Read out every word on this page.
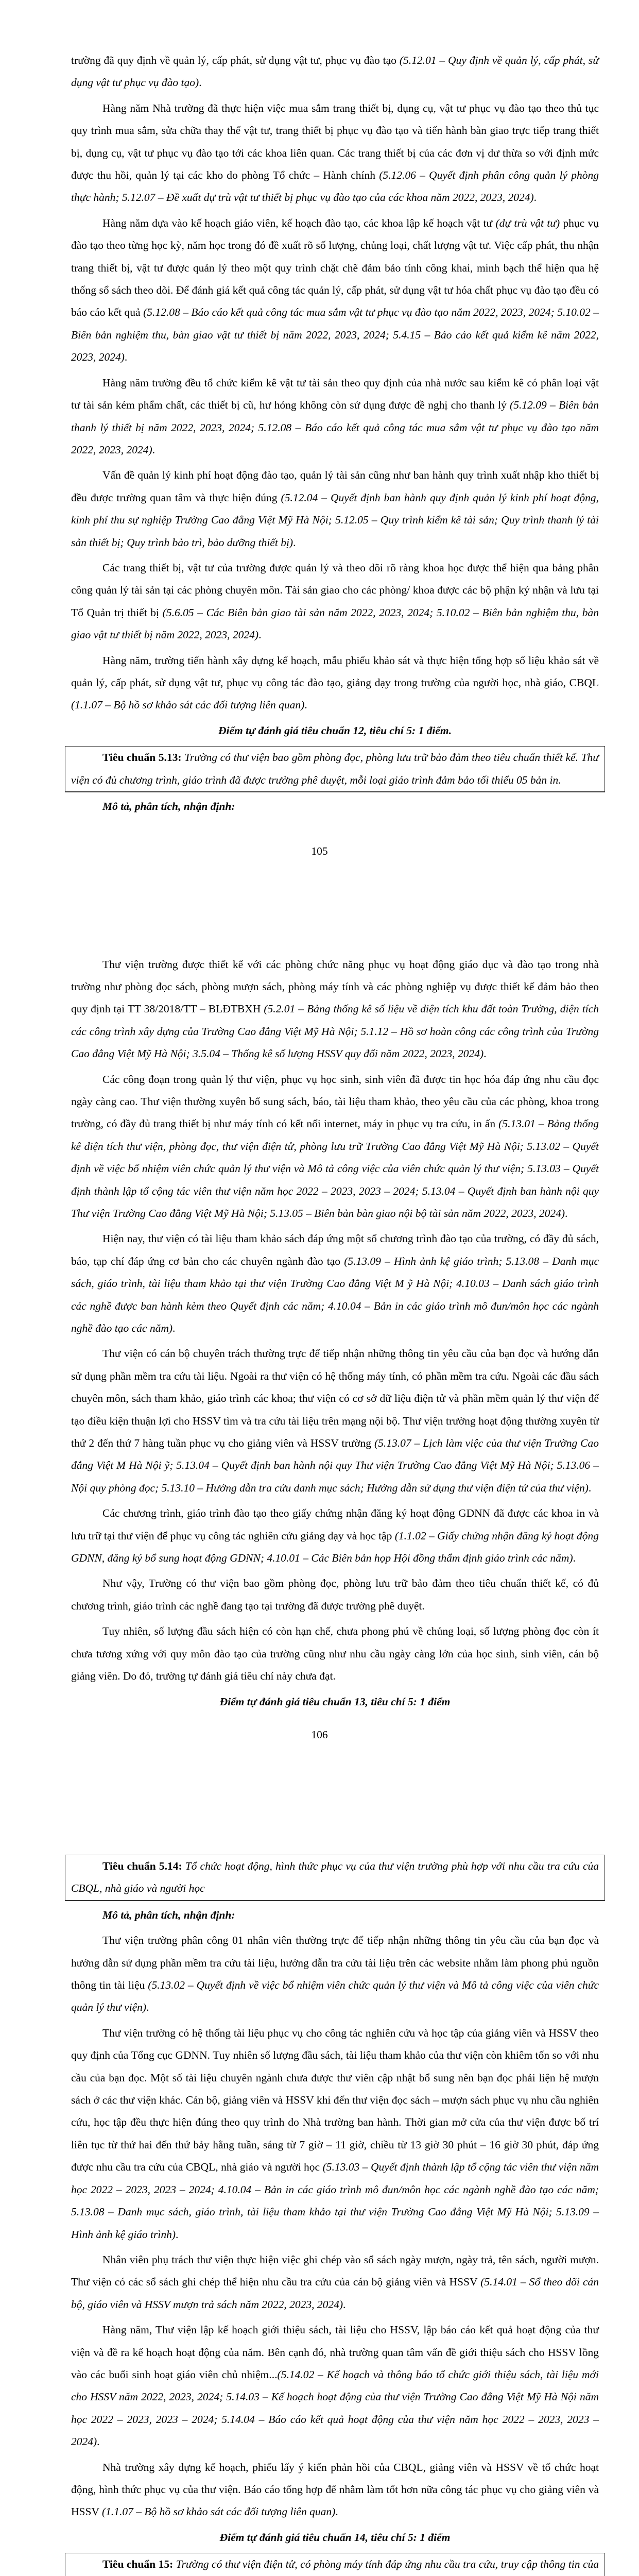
trường đã quy định về quản lý, cấp phát, sử dụng vật tư, phục vụ đào tạo (5.12.01 – Quy định về quản lý, cấp phát, sử dụng vật tư phục vụ đào tạo).

Hàng năm Nhà trường đã thực hiện việc mua sắm trang thiết bị, dụng cụ, vật tư phục vụ đào tạo theo thủ tục quy trình mua sắm, sửa chữa thay thế vật tư, trang thiết bị phục vụ đào tạo và tiến hành bàn giao trực tiếp trang thiết bị, dụng cụ, vật tư phục vụ đào tạo tới các khoa liên quan. Các trang thiết bị của các đơn vị dư thừa so với định mức được thu hồi, quản lý tại các kho do phòng Tổ chức – Hành chính (5.12.06 – Quyết định phân công quản lý phòng thực hành; 5.12.07 – Đề xuất dự trù vật tư thiết bị phục vụ đào tạo của các khoa năm 2022, 2023, 2024).

Hàng năm dựa vào kế hoạch giáo viên, kế hoạch đào tạo, các khoa lập kế hoạch vật tư (dự trù vật tư) phục vụ đào tạo theo từng học kỳ, năm học trong đó đề xuất rõ số lượng, chủng loại, chất lượng vật tư. Việc cấp phát, thu nhận trang thiết bị, vật tư được quản lý theo một quy trình chặt chẽ đảm bảo tính công khai, minh bạch thể hiện qua hệ thống sổ sách theo dõi. Để đánh giá kết quả công tác quản lý, cấp phát, sử dụng vật tư hóa chất phục vụ đào tạo đều có báo cáo kết quả (5.12.08 – Báo cáo kết quả công tác mua sắm vật tư phục vụ đào tạo năm 2022, 2023, 2024; 5.10.02 – Biên bản nghiệm thu, bàn giao vật tư thiết bị năm 2022, 2023, 2024; 5.4.15 – Báo cáo kết quả kiểm kê năm 2022, 2023, 2024).

Hàng năm trường đều tổ chức kiểm kê vật tư tài sản theo quy định của nhà nước sau kiểm kê có phân loại vật tư tài sản kém phẩm chất, các thiết bị cũ, hư hỏng không còn sử dụng được đề nghị cho thanh lý (5.12.09 – Biên bản thanh lý thiết bị năm 2022, 2023, 2024; 5.12.08 – Báo cáo kết quả công tác mua sắm vật tư phục vụ đào tạo năm 2022, 2023, 2024).

Vấn đề quản lý kinh phí hoạt động đào tạo, quản lý tài sản cũng như ban hành quy trình xuất nhập kho thiết bị đều được trường quan tâm và thực hiện đúng (5.12.04 – Quyết định ban hành quy định quản lý kinh phí hoạt động, kinh phí thu sự nghiệp Trường Cao đẳng Việt Mỹ Hà Nội; 5.12.05 – Quy trình kiểm kê tài sản; Quy trình thanh lý tài sản thiết bị; Quy trình bảo trì, bảo dưỡng thiết bị).

Các trang thiết bị, vật tư của trường được quản lý và theo dõi rõ ràng khoa học được thể hiện qua bảng phân công quản lý tài sản tại các phòng chuyên môn. Tài sản giao cho các phòng/ khoa được các bộ phận ký nhận và lưu tại Tổ Quản trị thiết bị (5.6.05 – Các Biên bản giao tài sản năm 2022, 2023, 2024; 5.10.02 – Biên bản nghiệm thu, bàn giao vật tư thiết bị năm 2022, 2023, 2024).

Hàng năm, trường tiến hành xây dựng kế hoạch, mẫu phiếu khảo sát và thực hiện tổng hợp số liệu khảo sát về quản lý, cấp phát, sử dụng vật tư, phục vụ công tác đào tạo, giảng dạy trong trường của người học, nhà giáo, CBQL (1.1.07 – Bộ hồ sơ khảo sát các đối tượng liên quan).

Điểm tự đánh giá tiêu chuẩn 12, tiêu chí 5: 1 điểm.

Tiêu chuẩn 5.13: Trường có thư viện bao gồm phòng đọc, phòng lưu trữ bảo đảm theo tiêu chuẩn thiết kế. Thư viện có đủ chương trình, giáo trình đã được trường phê duyệt, mỗi loại giáo trình đảm bảo tối thiểu 05 bản in.

Mô tả, phân tích, nhận định:
105

Thư viện trường được thiết kế với các phòng chức năng phục vụ hoạt động giáo dục và đào tạo trong nhà trường như phòng đọc sách, phòng mượn sách, phòng máy tính và các phòng nghiệp vụ được thiết kế đảm bảo theo quy định tại TT 38/2018/TT – BLĐTBXH (5.2.01 – Bảng thống kê số liệu về diện tích khu đất toàn Trường, diện tích các công trình xây dựng của Trường Cao đẳng Việt Mỹ Hà Nội; 5.1.12 – Hồ sơ hoàn công các công trình của Trường Cao đẳng Việt Mỹ Hà Nội; 3.5.04 – Thống kê số lượng HSSV quy đổi năm 2022, 2023, 2024).

Các công đoạn trong quản lý thư viện, phục vụ học sinh, sinh viên đã được tin học hóa đáp ứng nhu cầu đọc ngày càng cao. Thư viện thường xuyên bổ sung sách, báo, tài liệu tham khảo, theo yêu cầu của các phòng, khoa trong trường, có đầy đủ trang thiết bị như máy tính có kết nối internet, máy in phục vụ tra cứu, in ấn (5.13.01 – Bảng thống kê diện tích thư viện, phòng đọc, thư viện điện tử, phòng lưu trữ Trường Cao đẳng Việt Mỹ Hà Nội; 5.13.02 – Quyết định về việc bổ nhiệm viên chức quản lý thư viện và Mô tả công việc của viên chức quản lý thư viện; 5.13.03 – Quyết định thành lập tổ cộng tác viên thư viện năm học 2022 – 2023, 2023 – 2024; 5.13.04 – Quyết định ban hành nội quy Thư viện Trường Cao đẳng Việt Mỹ Hà Nội; 5.13.05 – Biên bản bàn giao nội bộ tài sản năm 2022, 2023, 2024).

Hiện nay, thư viện có tài liệu tham khảo sách đáp ứng một số chương trình đào tạo của trường, có đầy đủ sách, báo, tạp chí đáp ứng cơ bản cho các chuyên ngành đào tạo (5.13.09 – Hình ảnh kệ giáo trình; 5.13.08 – Danh mục sách, giáo trình, tài liệu tham khảo tại thư viện Trường Cao đẳng Việt M ỹ Hà Nội; 4.10.03 – Danh sách giáo trình các nghề được ban hành kèm theo Quyết định các năm; 4.10.04 – Bản in các giáo trình mô đun/môn học các ngành nghề đào tạo các năm).

Thư viện có cán bộ chuyên trách thường trực để tiếp nhận những thông tin yêu cầu của bạn đọc và hướng dẫn sử dụng phần mềm tra cứu tài liệu. Ngoài ra thư viện có hệ thống máy tính, có phần mềm tra cứu. Ngoài các đầu sách chuyên môn, sách tham khảo, giáo trình các khoa; thư viện có cơ sở dữ liệu điện tử và phần mềm quản lý thư viện để tạo điều kiện thuận lợi cho HSSV tìm và tra cứu tài liệu trên mạng nội bộ. Thư viện trường hoạt động thường xuyên từ thứ 2 đến thứ 7 hàng tuần phục vụ cho giảng viên và HSSV trường (5.13.07 – Lịch làm việc của thư viện Trường Cao đẳng Việt M Hà Nội ỹ; 5.13.04 – Quyết định ban hành nội quy Thư viện Trường Cao đẳng Việt Mỹ Hà Nội; 5.13.06 – Nội quy phòng đọc; 5.13.10 – Hướng dẫn tra cứu danh mục sách; Hướng dẫn sử dụng thư viện điện tử của thư viện).

Các chương trình, giáo trình đào tạo theo giấy chứng nhận đăng ký hoạt động GDNN đã được các khoa in và lưu trữ tại thư viện để phục vụ công tác nghiên cứu giảng dạy và học tập (1.1.02 – Giấy chứng nhận đăng ký hoạt động GDNN, đăng ký bổ sung hoạt động GDNN; 4.10.01 – Các Biên bản họp Hội đồng thẩm định giáo trình các năm).

Như vậy, Trường có thư viện bao gồm phòng đọc, phòng lưu trữ bảo đảm theo tiêu chuẩn thiết kế, có đủ chương trình, giáo trình các nghề đang tạo tại trường đã được trường phê duyệt.

Tuy nhiên, số lượng đầu sách hiện có còn hạn chế, chưa phong phú về chủng loại, số lượng phòng đọc còn ít chưa tương xứng với quy môn đào tạo của trường cũng như nhu cầu ngày càng lớn của học sinh, sinh viên, cán bộ giảng viên. Do đó, trường tự đánh giá tiêu chí này chưa đạt.

Điểm tự đánh giá tiêu chuẩn 13, tiêu chí 5: 1 điểm
106

Tiêu chuẩn 5.14: Tổ chức hoạt động, hình thức phục vụ của thư viện trường phù hợp với nhu cầu tra cứu của CBQL, nhà giáo và người học

Mô tả, phân tích, nhận định:

Thư viện trường phân công 01 nhân viên thường trực để tiếp nhận những thông tin yêu cầu của bạn đọc và hướng dẫn sử dụng phần mềm tra cứu tài liệu, hướng dẫn tra cứu tài liệu trên các website nhằm làm phong phú nguồn thông tin tài liệu (5.13.02 – Quyết định về việc bổ nhiệm viên chức quản lý thư viện và Mô tả công việc của viên chức quản lý thư viện).

Thư viện trường có hệ thống tài liệu phục vụ cho công tác nghiên cứu và học tập của giảng viên và HSSV theo quy định của Tổng cục GDNN. Tuy nhiên số lượng đầu sách, tài liệu tham khảo của thư viện còn khiêm tốn so với nhu cầu của bạn đọc. Một số tài liệu chuyên ngành chưa được thư viên cập nhật bổ sung nên bạn đọc phải liện hệ mượn sách ở các thư viện khác. Cán bộ, giảng viên và HSSV khi đến thư viện đọc sách – mượn sách phục vụ nhu cầu nghiên cứu, học tập đều thực hiện đúng theo quy trình do Nhà trường ban hành. Thời gian mở cửa của thư viện được bố trí liên tục từ thứ hai đến thứ bảy hằng tuần, sáng từ 7 giờ – 11 giờ, chiều từ 13 giờ 30 phút – 16 giờ 30 phút, đáp ứng được nhu cầu tra cứu của CBQL, nhà giáo và người học (5.13.03 – Quyết định thành lập tổ cộng tác viên thư viện năm học 2022 – 2023, 2023 – 2024; 4.10.04 – Bản in các giáo trình mô đun/môn học các ngành nghề đào tạo các năm; 5.13.08 – Danh mục sách, giáo trình, tài liệu tham khảo tại thư viện Trường Cao đẳng Việt Mỹ Hà Nội; 5.13.09 – Hình ảnh kệ giáo trình).

Nhân viên phụ trách thư viện thực hiện việc ghi chép vào sổ sách ngày mượn, ngày trả, tên sách, người mượn. Thư viện có các sổ sách ghi chép thể hiện nhu cầu tra cứu của cán bộ giảng viên và HSSV (5.14.01 – Sổ theo dõi cán bộ, giáo viên và HSSV mượn trả sách năm 2022, 2023, 2024).

Hàng năm, Thư viện lập kế hoạch giới thiệu sách, tài liệu cho HSSV, lập báo cáo kết quả hoạt động của thư viện và đề ra kế hoạch hoạt động của năm. Bên cạnh đó, nhà trường quan tâm vấn đề giới thiệu sách cho HSSV lồng vào các buổi sinh hoạt giáo viên chủ nhiệm...(5.14.02 – Kế hoạch và thông báo tổ chức giới thiệu sách, tài liệu mới cho HSSV năm 2022, 2023, 2024; 5.14.03 – Kế hoạch hoạt động của thư viện Trường Cao đẳng Việt Mỹ Hà Nội năm học 2022 – 2023, 2023 – 2024; 5.14.04 – Báo cáo kết quả hoạt động của thư viện năm học 2022 – 2023, 2023 – 2024).

Nhà trường xây dựng kế hoạch, phiếu lấy ý kiến phản hồi của CBQL, giảng viên và HSSV về tổ chức hoạt động, hình thức phục vụ của thư viện. Báo cáo tổng hợp để nhằm làm tốt hơn nữa công tác phục vụ cho giảng viên và HSSV (1.1.07 – Bộ hồ sơ khảo sát các đối tượng liên quan).

Điểm tự đánh giá tiêu chuẩn 14, tiêu chí 5: 1 điểm

Tiêu chuẩn 15: Trường có thư viện điện tử, có phòng máy tính đáp ứng nhu cầu tra cứu, truy cập thông tin của
